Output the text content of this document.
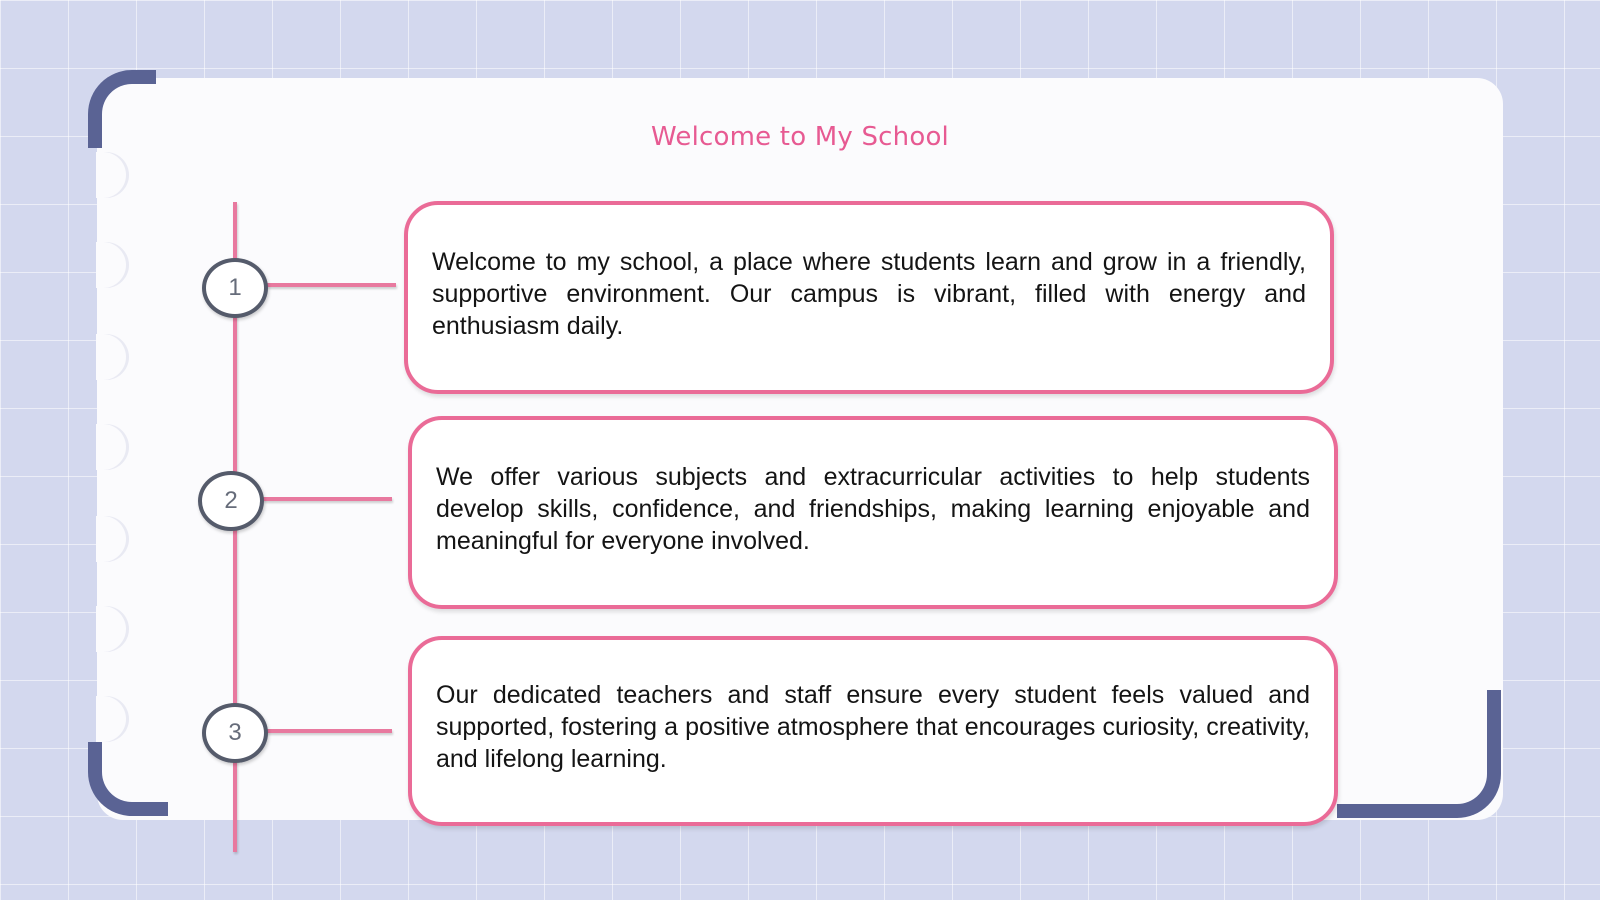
Welcome to My School
1
2
3

Welcome to my school, a place where students learn and grow in a friendly, supportive environment. Our campus is vibrant, filled with energy and enthusiasm daily.

We offer various subjects and extracurricular activities to help students develop skills, confidence, and friendships, making learning enjoyable and meaningful for everyone involved.

Our dedicated teachers and staff ensure every student feels valued and supported, fostering a positive atmosphere that encourages curiosity, creativity, and lifelong learning.
